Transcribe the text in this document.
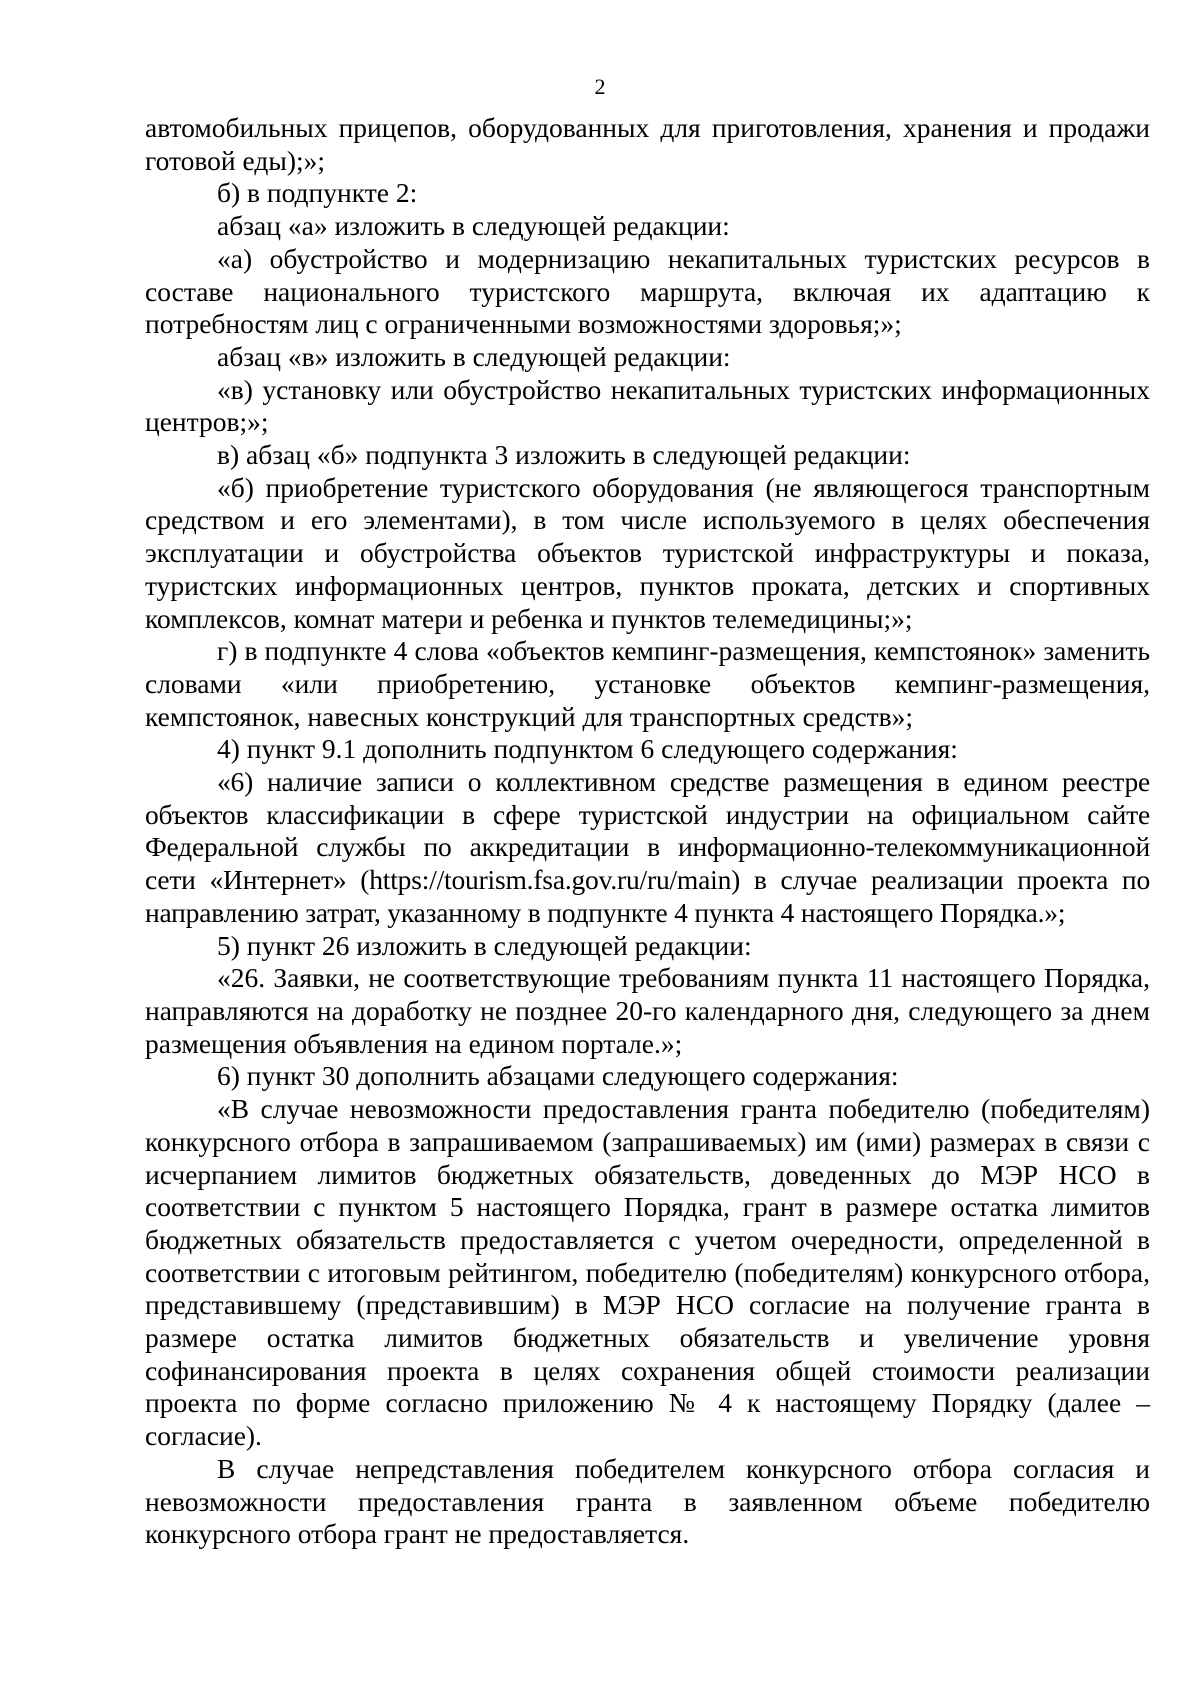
2

автомобильных прицепов, оборудованных для приготовления, хранения и продажи готовой еды);»;

б) в подпункте 2:

абзац «а» изложить в следующей редакции:

«а) обустройство и модернизацию некапитальных туристских ресурсов в составе национального туристского маршрута, включая их адаптацию к потребностям лиц с ограниченными возможностями здоровья;»;

абзац «в» изложить в следующей редакции:

«в) установку или обустройство некапитальных туристских информационных центров;»;

в) абзац «б» подпункта 3 изложить в следующей редакции:

«б) приобретение туристского оборудования (не являющегося транспортным средством и его элементами), в том числе используемого в целях обеспечения эксплуатации и обустройства объектов туристской инфраструктуры и показа, туристских информационных центров, пунктов проката, детских и спортивных комплексов, комнат матери и ребенка и пунктов телемедицины;»;

г) в подпункте 4 слова «объектов кемпинг-размещения, кемпстоянок» заменить словами «или приобретению, установке объектов кемпинг-размещения, кемпстоянок, навесных конструкций для транспортных средств»;

4) пункт 9.1 дополнить подпунктом 6 следующего содержания:

«6) наличие записи о коллективном средстве размещения в едином реестре объектов классификации в сфере туристской индустрии на официальном сайте Федеральной службы по аккредитации в информационно-телекоммуникационной сети «Интернет» (https://tourism.fsa.gov.ru/ru/main) в случае реализации проекта по направлению затрат, указанному в подпункте 4 пункта 4 настоящего Порядка.»;

5) пункт 26 изложить в следующей редакции:

«26. Заявки, не соответствующие требованиям пункта 11 настоящего Порядка, направляются на доработку не позднее 20-го календарного дня, следующего за днем размещения объявления на едином портале.»;

6) пункт 30 дополнить абзацами следующего содержания:

«В случае невозможности предоставления гранта победителю (победителям) конкурсного отбора в запрашиваемом (запрашиваемых) им (ими) размерах в связи с исчерпанием лимитов бюджетных обязательств, доведенных до МЭР НСО в соответствии с пунктом 5 настоящего Порядка, грант в размере остатка лимитов бюджетных обязательств предоставляется с учетом очередности, определенной в соответствии с итоговым рейтингом, победителю (победителям) конкурсного отбора, представившему (представившим) в МЭР НСО согласие на получение гранта в размере остатка лимитов бюджетных обязательств и увеличение уровня софинансирования проекта в целях сохранения общей стоимости реализации проекта по форме согласно приложению № 4 к настоящему Порядку (далее – согласие).

В случае непредставления победителем конкурсного отбора согласия и невозможности предоставления гранта в заявленном объеме победителю конкурсного отбора грант не предоставляется.
